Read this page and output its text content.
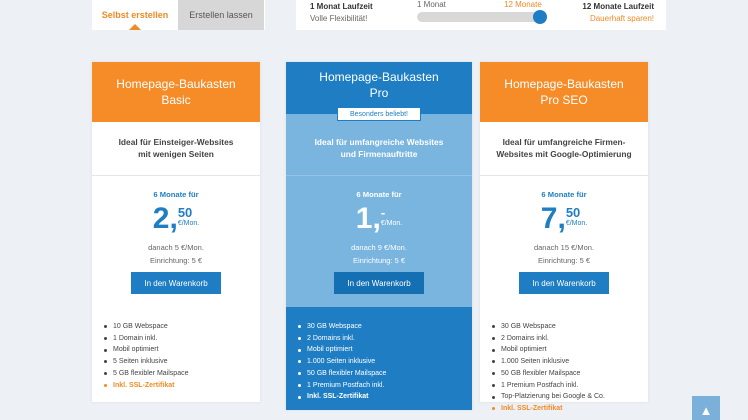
Selbst erstellen	Erstellen lassen
1 Monat Laufzeit
Volle Flexibilität!
1 Monat	12 Monate	12 Monate Laufzeit
Dauerhaft sparen!
Homepage-Baukasten
Basic
Ideal für Einsteiger-Websites
mit wenigen Seiten
6 Monate für
2, 50
€/Mon.
danach 5 €/Mon.
Einrichtung: 5 €
In den Warenkorb
10 GB Webspace
1 Domain inkl.
Mobil optimiert
5 Seiten inklusive
5 GB flexibler Mailspace
Inkl. SSL-Zertifikat
Homepage-Baukasten
Pro
Besonders beliebt!
Ideal für umfangreiche Websites
und Firmenauftritte
6 Monate für
1, -
€/Mon.
danach 9 €/Mon.
Einrichtung: 5 €
In den Warenkorb
30 GB Webspace
2 Domains inkl.
Mobil optimiert
1.000 Seiten inklusive
50 GB flexibler Mailspace
1 Premium Postfach inkl.
Inkl. SSL-Zertifikat
Homepage-Baukasten
Pro SEO
Ideal für umfangreiche Firmen-
Websites mit Google-Optimierung
6 Monate für
7, 50
€/Mon.
danach 15 €/Mon.
Einrichtung: 5 €
In den Warenkorb
30 GB Webspace
2 Domains inkl.
Mobil optimiert
1.000 Seiten inklusive
50 GB flexibler Mailspace
1 Premium Postfach inkl.
Top-Platzierung bei Google & Co.
Inkl. SSL-Zertifikat	▲
